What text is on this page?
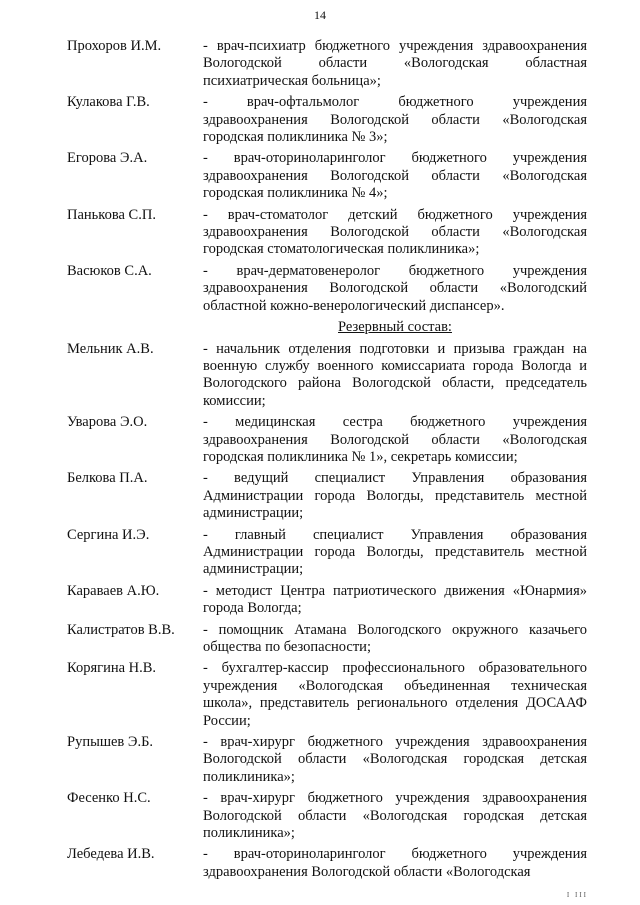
14
Прохоров И.М.	- врач-психиатр бюджетного учреждения здравоохранения Вологодской области «Вологодская областная психиатрическая больница»;
Кулакова Г.В.	- врач-офтальмолог бюджетного учреждения здравоохранения Вологодской области «Вологодская городская поликлиника № 3»;
Егорова Э.А.	- врач-оториноларинголог бюджетного учреждения здравоохранения Вологодской области «Вологодская городская поликлиника № 4»;
Панькова С.П.	- врач-стоматолог детский бюджетного учреждения здравоохранения Вологодской области «Вологодская городская стоматологическая поликлиника»;
Васюков С.А.	- врач-дерматовенеролог бюджетного учреждения здравоохранения Вологодской области «Вологодский областной кожно-венерологический диспансер».
Резервный состав:
Мельник А.В.	- начальник отделения подготовки и призыва граждан на военную службу военного комиссариата города Вологда и Вологодского района Вологодской области, председатель комиссии;
Уварова Э.О.	- медицинская сестра бюджетного учреждения здравоохранения Вологодской области «Вологодская городская поликлиника № 1», секретарь комиссии;
Белкова П.А.	- ведущий специалист Управления образования Администрации города Вологды, представитель местной администрации;
Сергина И.Э.	- главный специалист Управления образования Администрации города Вологды, представитель местной администрации;
Караваев А.Ю.	- методист Центра патриотического движения «Юнармия» города Вологда;
Калистратов В.В.	- помощник Атамана Вологодского окружного казачьего общества по безопасности;
Корягина Н.В.	- бухгалтер-кассир профессионального образовательного учреждения «Вологодская объединенная техническая школа», представитель регионального отделения ДОСААФ России;
Рупышев Э.Б.	- врач-хирург бюджетного учреждения здравоохранения Вологодской области «Вологодская городская детская поликлиника»;
Фесенко Н.С.	- врач-хирург бюджетного учреждения здравоохранения Вологодской области «Вологодская городская детская поликлиника»;
Лебедева И.В.	- врач-оториноларинголог бюджетного учреждения здравоохранения Вологодской области «Вологодская
I III
